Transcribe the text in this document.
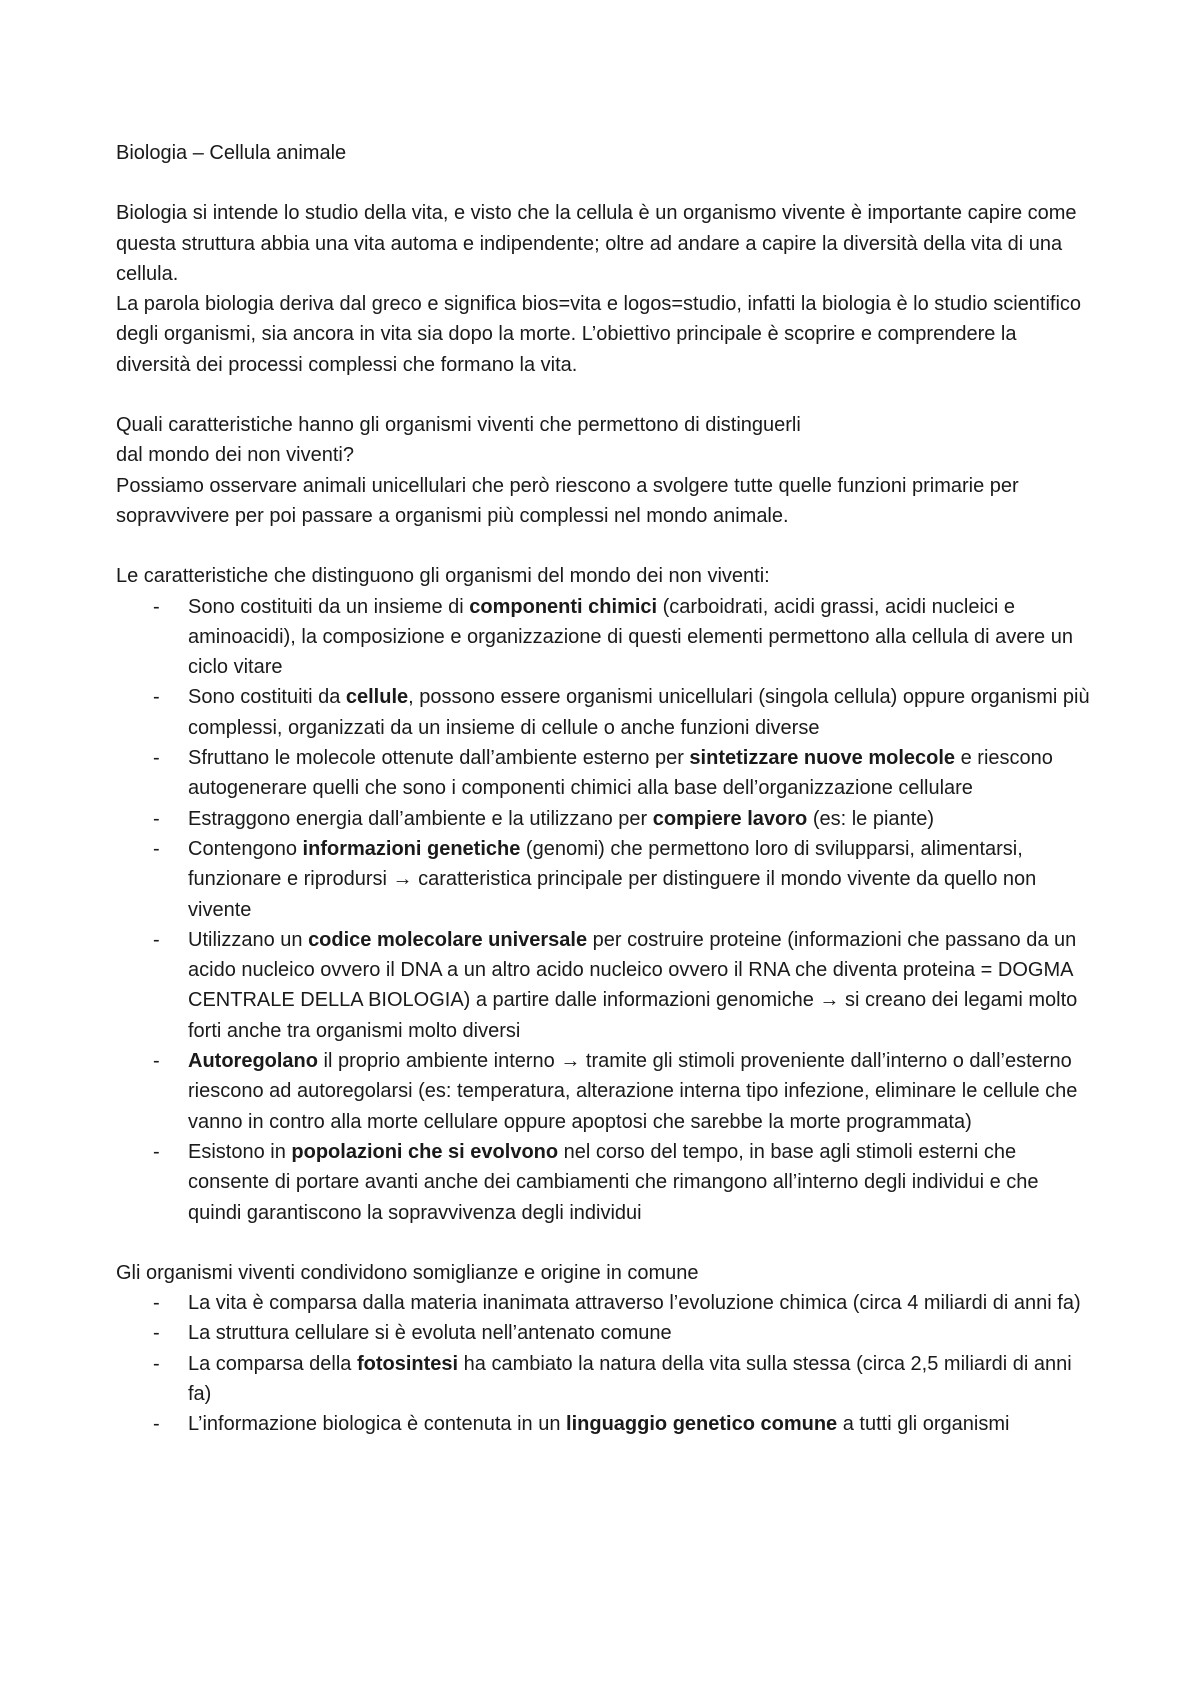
Biologia – Cellula animale

Biologia si intende lo studio della vita, e visto che la cellula è un organismo vivente è importante capire come questa struttura abbia una vita automa e indipendente; oltre ad andare a capire la diversità della vita di una cellula.

La parola biologia deriva dal greco e significa bios=vita e logos=studio, infatti la biologia è lo studio scientifico degli organismi, sia ancora in vita sia dopo la morte. L’obiettivo principale è scoprire e comprendere la diversità dei processi complessi che formano la vita.

Quali caratteristiche hanno gli organismi viventi che permettono di distinguerli

dal mondo dei non viventi?

Possiamo osservare animali unicellulari che però riescono a svolgere tutte quelle funzioni primarie per sopravvivere per poi passare a organismi più complessi nel mondo animale.

Le caratteristiche che distinguono gli organismi del mondo dei non viventi:

- Sono costituiti da un insieme di componenti chimici (carboidrati, acidi grassi, acidi nucleici e aminoacidi), la composizione e organizzazione di questi elementi permettono alla cellula di avere un ciclo vitare
- Sono costituiti da cellule, possono essere organismi unicellulari (singola cellula) oppure organismi più complessi, organizzati da un insieme di cellule o anche funzioni diverse
- Sfruttano le molecole ottenute dall’ambiente esterno per sintetizzare nuove molecole e riescono autogenerare quelli che sono i componenti chimici alla base dell’organizzazione cellulare
- Estraggono energia dall’ambiente e la utilizzano per compiere lavoro (es: le piante)
- Contengono informazioni genetiche (genomi) che permettono loro di svilupparsi, alimentarsi, funzionare e riprodursi → caratteristica principale per distinguere il mondo vivente da quello non vivente
- Utilizzano un codice molecolare universale per costruire proteine (informazioni che passano da un acido nucleico ovvero il DNA a un altro acido nucleico ovvero il RNA che diventa proteina = DOGMA CENTRALE DELLA BIOLOGIA) a partire dalle informazioni genomiche → si creano dei legami molto forti anche tra organismi molto diversi
- Autoregolano il proprio ambiente interno → tramite gli stimoli proveniente dall’interno o dall’esterno riescono ad autoregolarsi (es: temperatura, alterazione interna tipo infezione, eliminare le cellule che vanno in contro alla morte cellulare oppure apoptosi che sarebbe la morte programmata)
- Esistono in popolazioni che si evolvono nel corso del tempo, in base agli stimoli esterni che consente di portare avanti anche dei cambiamenti che rimangono all’interno degli individui e che quindi garantiscono la sopravvivenza degli individui

Gli organismi viventi condividono somiglianze e origine in comune

- La vita è comparsa dalla materia inanimata attraverso l’evoluzione chimica (circa 4 miliardi di anni fa)
- La struttura cellulare si è evoluta nell’antenato comune
- La comparsa della fotosintesi ha cambiato la natura della vita sulla stessa (circa 2,5 miliardi di anni fa)
- L’informazione biologica è contenuta in un linguaggio genetico comune a tutti gli organismi
